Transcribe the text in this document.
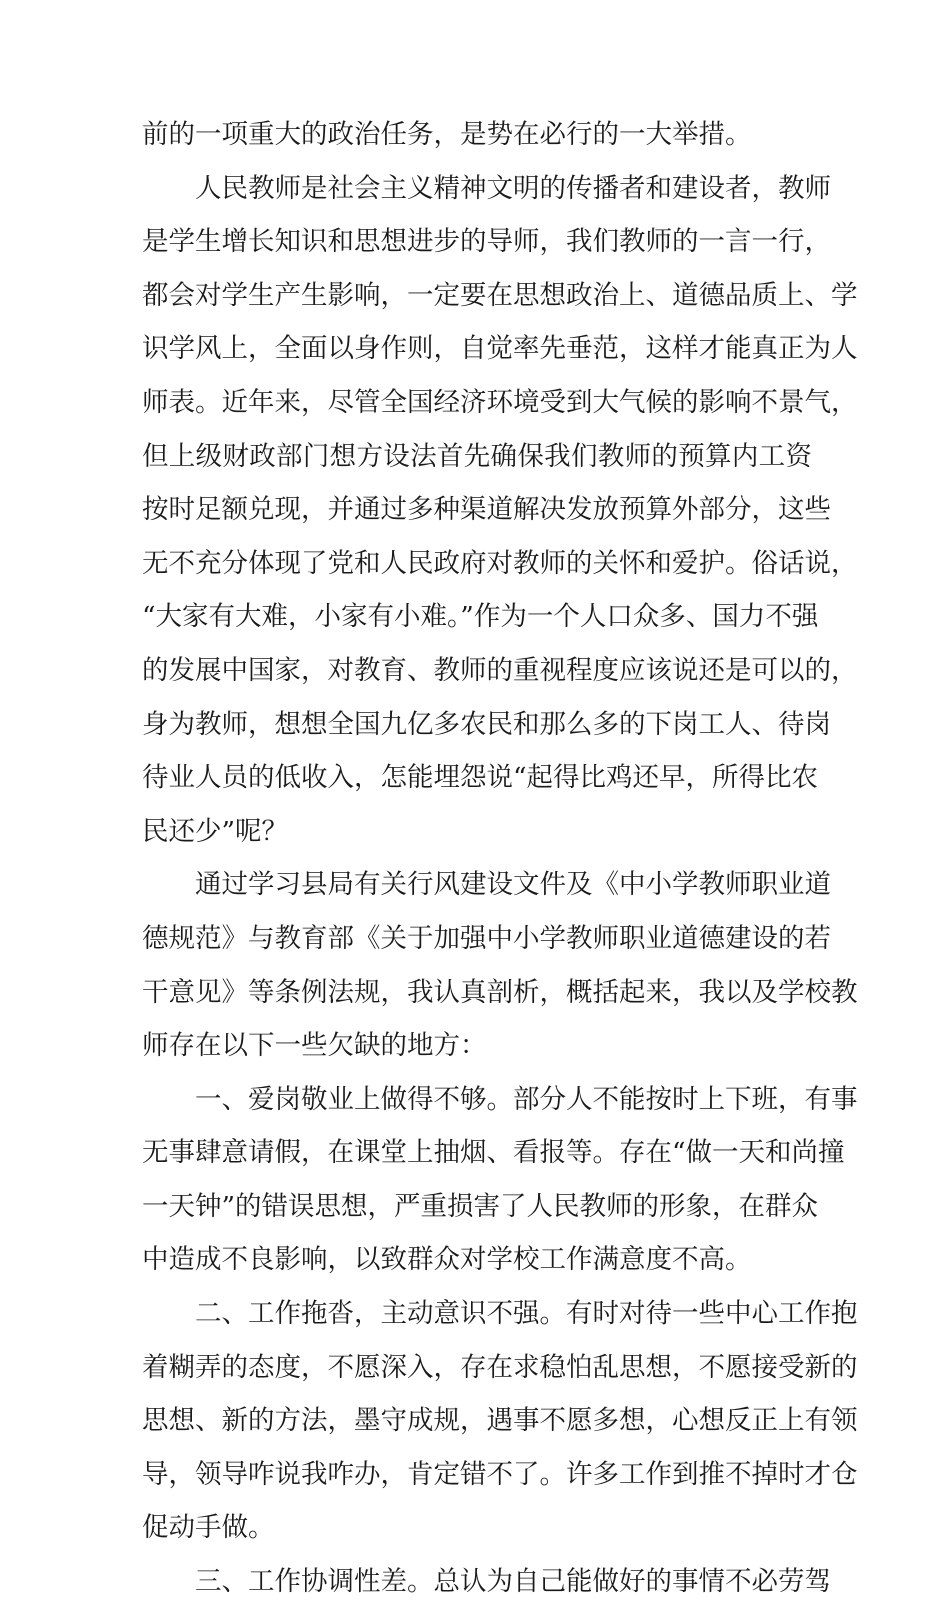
前的一项重大的政治任务，是势在必行的一大举措。
人民教师是社会主义精神文明的传播者和建设者，教师
是学生增长知识和思想进步的导师，我们教师的一言一行，
都会对学生产生影响，一定要在思想政治上、道德品质上、学
识学风上，全面以身作则，自觉率先垂范，这样才能真正为人
师表。近年来，尽管全国经济环境受到大气候的影响不景气，
但上级财政部门想方设法首先确保我们教师的预算内工资
按时足额兑现，并通过多种渠道解决发放预算外部分，这些
无不充分体现了党和人民政府对教师的关怀和爱护。俗话说，
“大家有大难，小家有小难。”作为一个人口众多、国力不强
的发展中国家，对教育、教师的重视程度应该说还是可以的，
身为教师，想想全国九亿多农民和那么多的下岗工人、待岗
待业人员的低收入，怎能埋怨说“起得比鸡还早，所得比农
民还少”呢？
通过学习县局有关行风建设文件及《中小学教师职业道
德规范》与教育部《关于加强中小学教师职业道德建设的若
干意见》等条例法规，我认真剖析，概括起来，我以及学校教
师存在以下一些欠缺的地方：
一、爱岗敬业上做得不够。部分人不能按时上下班，有事
无事肆意请假，在课堂上抽烟、看报等。存在“做一天和尚撞
一天钟”的错误思想，严重损害了人民教师的形象，在群众
中造成不良影响，以致群众对学校工作满意度不高。
二、工作拖沓，主动意识不强。有时对待一些中心工作抱
着糊弄的态度，不愿深入，存在求稳怕乱思想，不愿接受新的
思想、新的方法，墨守成规，遇事不愿多想，心想反正上有领
导，领导咋说我咋办，肯定错不了。许多工作到推不掉时才仓
促动手做。
三、工作协调性差。总认为自己能做好的事情不必劳驾
